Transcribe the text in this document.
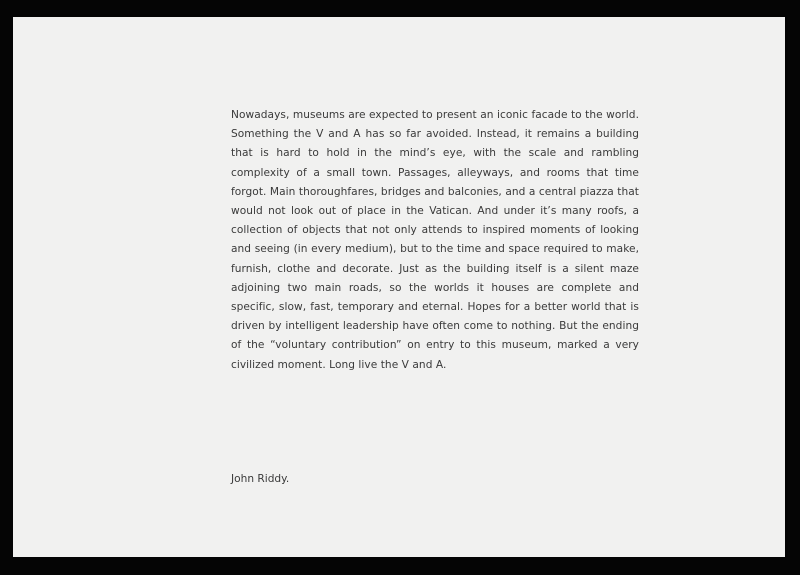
Nowadays, museums are expected to present an iconic facade to the world. Something the V and A has so far avoided. Instead, it remains a building that is hard to hold in the mind’s eye, with the scale and rambling complexity of a small town. Passages, alleyways, and rooms that time forgot. Main thoroughfares, bridges and balconies, and a central piazza that would not look out of place in the Vatican. And under it’s many roofs, a collection of objects that not only attends to inspired moments of looking and seeing (in every medium), but to the time and space required to make, furnish, clothe and decorate. Just as the building itself is a silent maze adjoining two main roads, so the worlds it houses are complete and specific, slow, fast, temporary and eternal. Hopes for a better world that is driven by intelligent leadership have often come to nothing. But the ending of the “voluntary contribution” on entry to this museum, marked a very civilized moment. Long live the V and A.

John Riddy.
